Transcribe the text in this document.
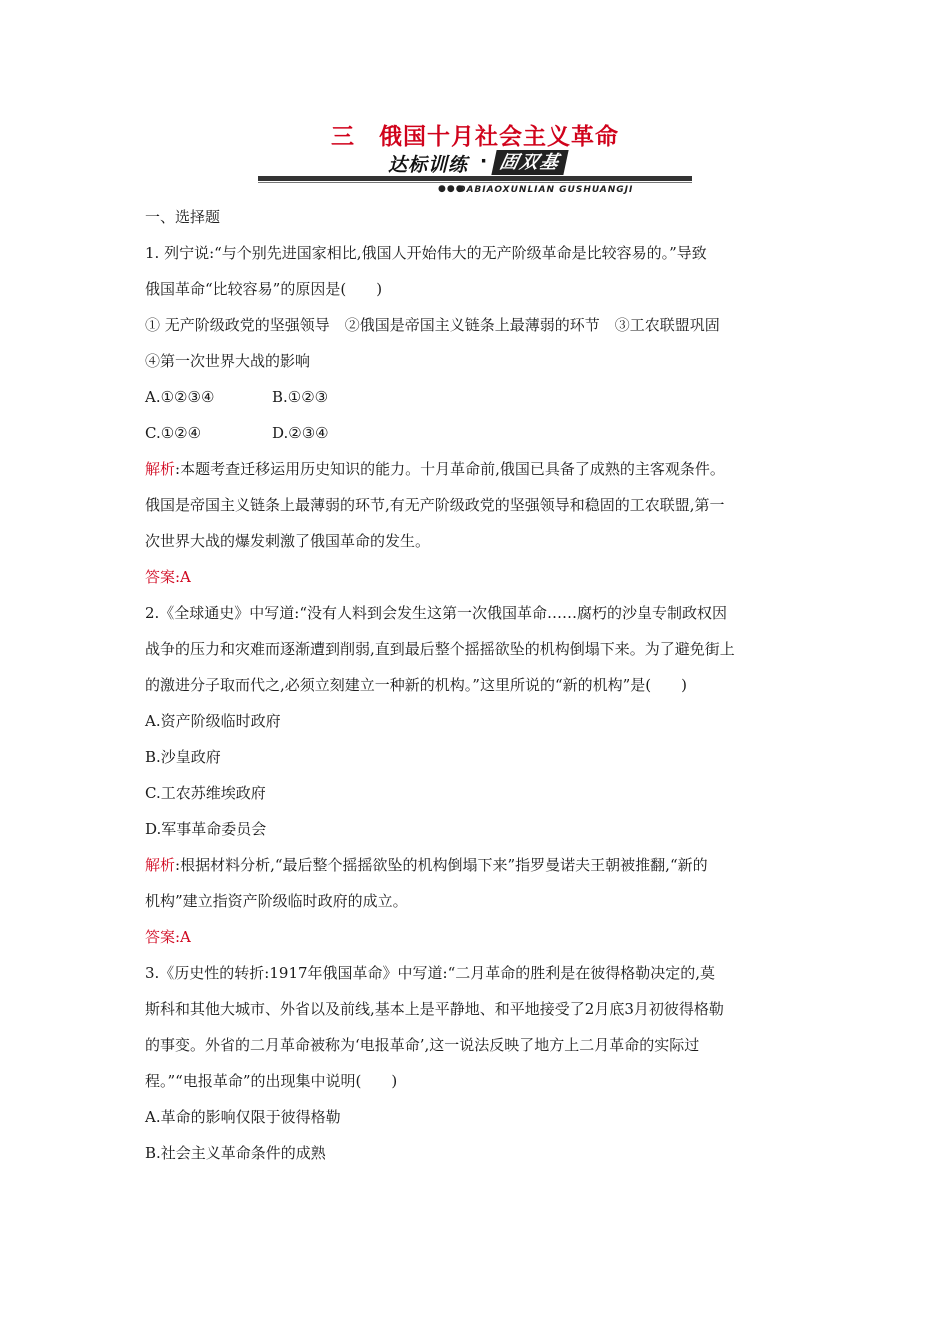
三　俄国十月社会主义革命
达标训练 · 固双基
●●●
DABIAOXUNLIAN GUSHUANGJI
一、选择题
1. 列宁说:“与个别先进国家相比,俄国人开始伟大的无产阶级革命是比较容易的。”导致
俄国革命“比较容易”的原因是(　　)
① 无产阶级政党的坚强领导　②俄国是帝国主义链条上最薄弱的环节　③工农联盟巩固
④第一次世界大战的影响
A.①②③④	B.①②③
C.①②④	D.②③④
解析:本题考查迁移运用历史知识的能力。十月革命前,俄国已具备了成熟的主客观条件。
俄国是帝国主义链条上最薄弱的环节,有无产阶级政党的坚强领导和稳固的工农联盟,第一
次世界大战的爆发刺激了俄国革命的发生。
答案:A
2.《全球通史》中写道:“没有人料到会发生这第一次俄国革命……腐朽的沙皇专制政权因
战争的压力和灾难而逐渐遭到削弱,直到最后整个摇摇欲坠的机构倒塌下来。为了避免街上
的激进分子取而代之,必须立刻建立一种新的机构。”这里所说的“新的机构”是(　　)
A.资产阶级临时政府
B.沙皇政府
C.工农苏维埃政府
D.军事革命委员会
解析:根据材料分析,“最后整个摇摇欲坠的机构倒塌下来”指罗曼诺夫王朝被推翻,“新的
机构”建立指资产阶级临时政府的成立。
答案:A
3.《历史性的转折:1917年俄国革命》中写道:“二月革命的胜利是在彼得格勒决定的,莫
斯科和其他大城市、外省以及前线,基本上是平静地、和平地接受了2月底3月初彼得格勒
的事变。外省的二月革命被称为‘电报革命’,这一说法反映了地方上二月革命的实际过
程。”“电报革命”的出现集中说明(　　)
A.革命的影响仅限于彼得格勒
B.社会主义革命条件的成熟
